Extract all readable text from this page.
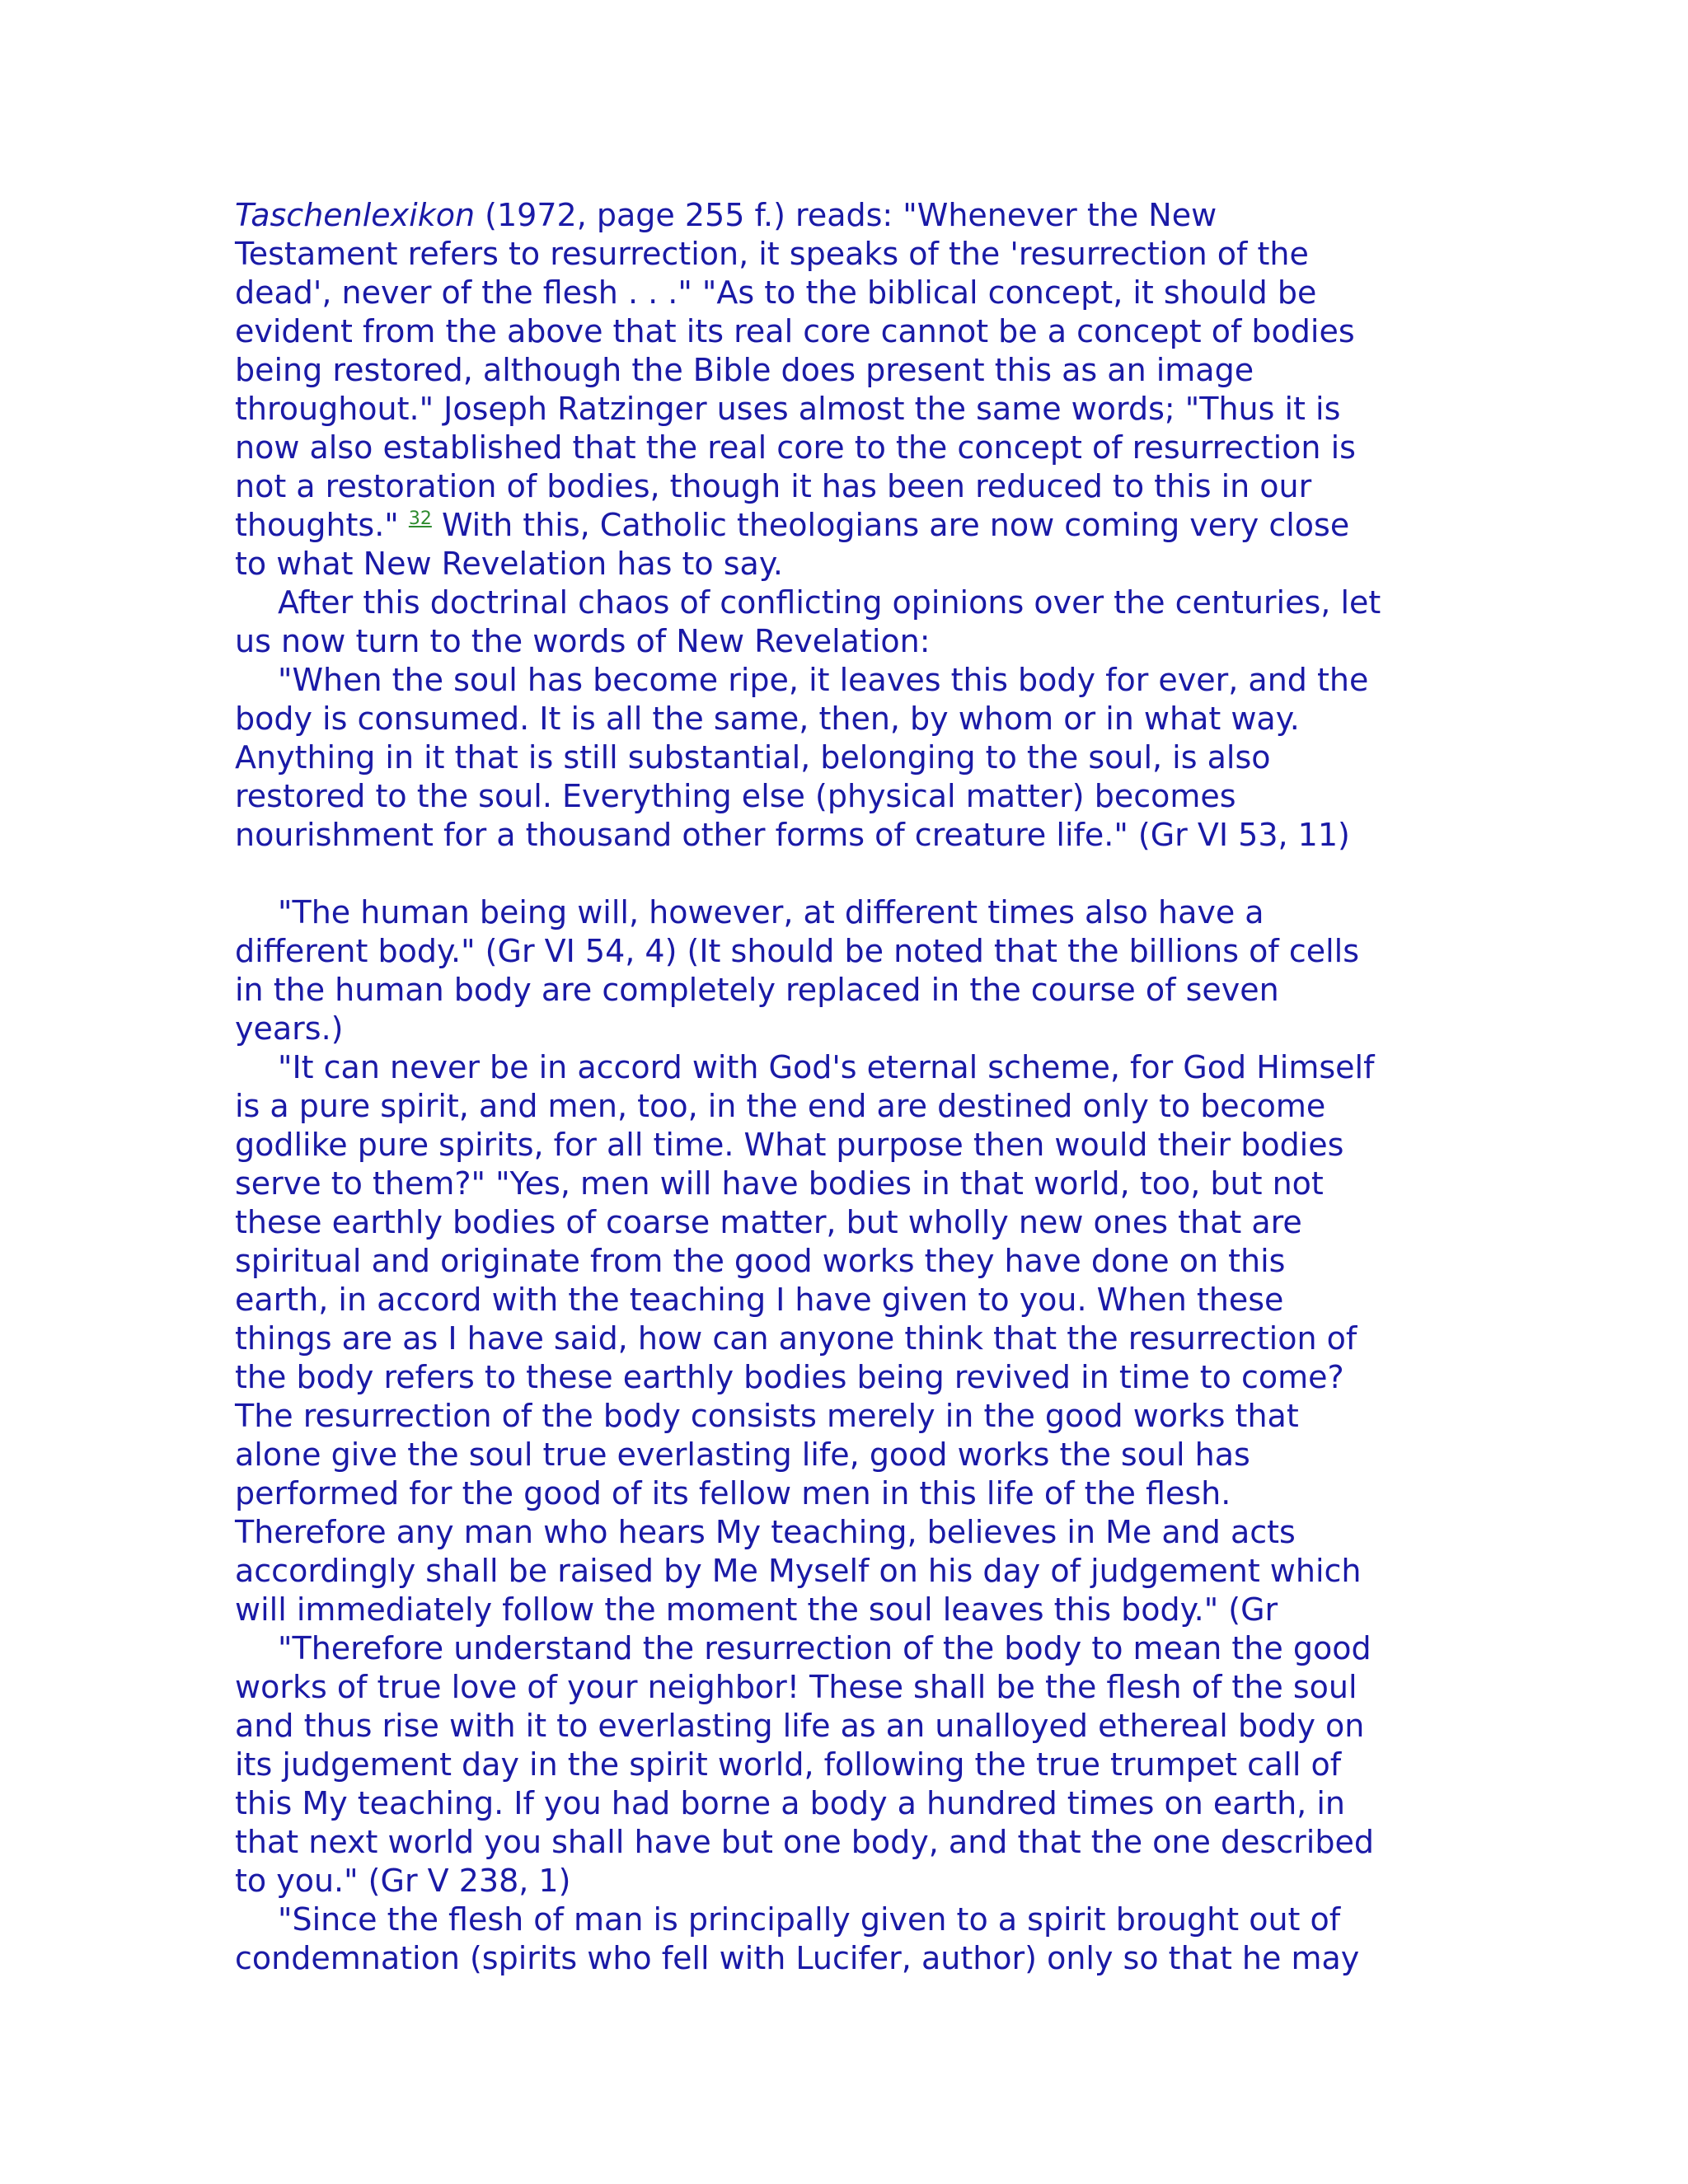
Taschenlexikon (1972, page 255 f.) reads: "Whenever the New
Testament refers to resurrection, it speaks of the 'resurrection of the
dead', never of the flesh . . ." "As to the biblical concept, it should be
evident from the above that its real core cannot be a concept of bodies
being restored, although the Bible does present this as an image
throughout." Joseph Ratzinger uses almost the same words; "Thus it is
now also established that the real core to the concept of resurrection is
not a restoration of bodies, though it has been reduced to this in our
thoughts." $^{32}$ With this, Catholic theologians are now coming very close
to what New Revelation has to say.
After this doctrinal chaos of conflicting opinions over the centuries, let
us now turn to the words of New Revelation:
"When the soul has become ripe, it leaves this body for ever, and the
body is consumed. It is all the same, then, by whom or in what way.
Anything in it that is still substantial, belonging to the soul, is also
restored to the soul. Everything else (physical matter) becomes
nourishment for a thousand other forms of creature life." (Gr VI 53, 11)
"The human being will, however, at different times also have a
different body." (Gr VI 54, 4) (It should be noted that the billions of cells
in the human body are completely replaced in the course of seven
years.)
"It can never be in accord with God's eternal scheme, for God Himself
is a pure spirit, and men, too, in the end are destined only to become
godlike pure spirits, for all time. What purpose then would their bodies
serve to them?" "Yes, men will have bodies in that world, too, but not
these earthly bodies of coarse matter, but wholly new ones that are
spiritual and originate from the good works they have done on this
earth, in accord with the teaching I have given to you. When these
things are as I have said, how can anyone think that the resurrection of
the body refers to these earthly bodies being revived in time to come?
The resurrection of the body consists merely in the good works that
alone give the soul true everlasting life, good works the soul has
performed for the good of its fellow men in this life of the flesh.
Therefore any man who hears My teaching, believes in Me and acts
accordingly shall be raised by Me Myself on his day of judgement which
will immediately follow the moment the soul leaves this body." (Gr
"Therefore understand the resurrection of the body to mean the good
works of true love of your neighbor! These shall be the flesh of the soul
and thus rise with it to everlasting life as an unalloyed ethereal body on
its judgement day in the spirit world, following the true trumpet call of
this My teaching. If you had borne a body a hundred times on earth, in
that next world you shall have but one body, and that the one described
to you." (Gr V 238, 1)
"Since the flesh of man is principally given to a spirit brought out of
condemnation (spirits who fell with Lucifer, author) only so that he may
